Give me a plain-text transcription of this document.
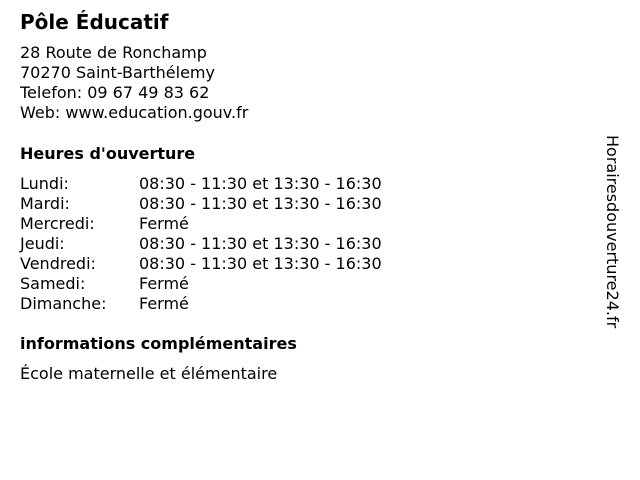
Pôle Éducatif
28 Route de Ronchamp
70270 Saint-Barthélemy
Telefon: 09 67 49 83 62
Web: www.education.gouv.fr
Heures d'ouverture
Lundi:	08:30 - 11:30 et 13:30 - 16:30
Mardi:	08:30 - 11:30 et 13:30 - 16:30
Mercredi:	Fermé
Jeudi:	08:30 - 11:30 et 13:30 - 16:30
Vendredi:	08:30 - 11:30 et 13:30 - 16:30
Samedi:	Fermé
Dimanche: Fermé
informations complémentaires
École maternelle et élémentaire
Horairesdouverture24.fr
